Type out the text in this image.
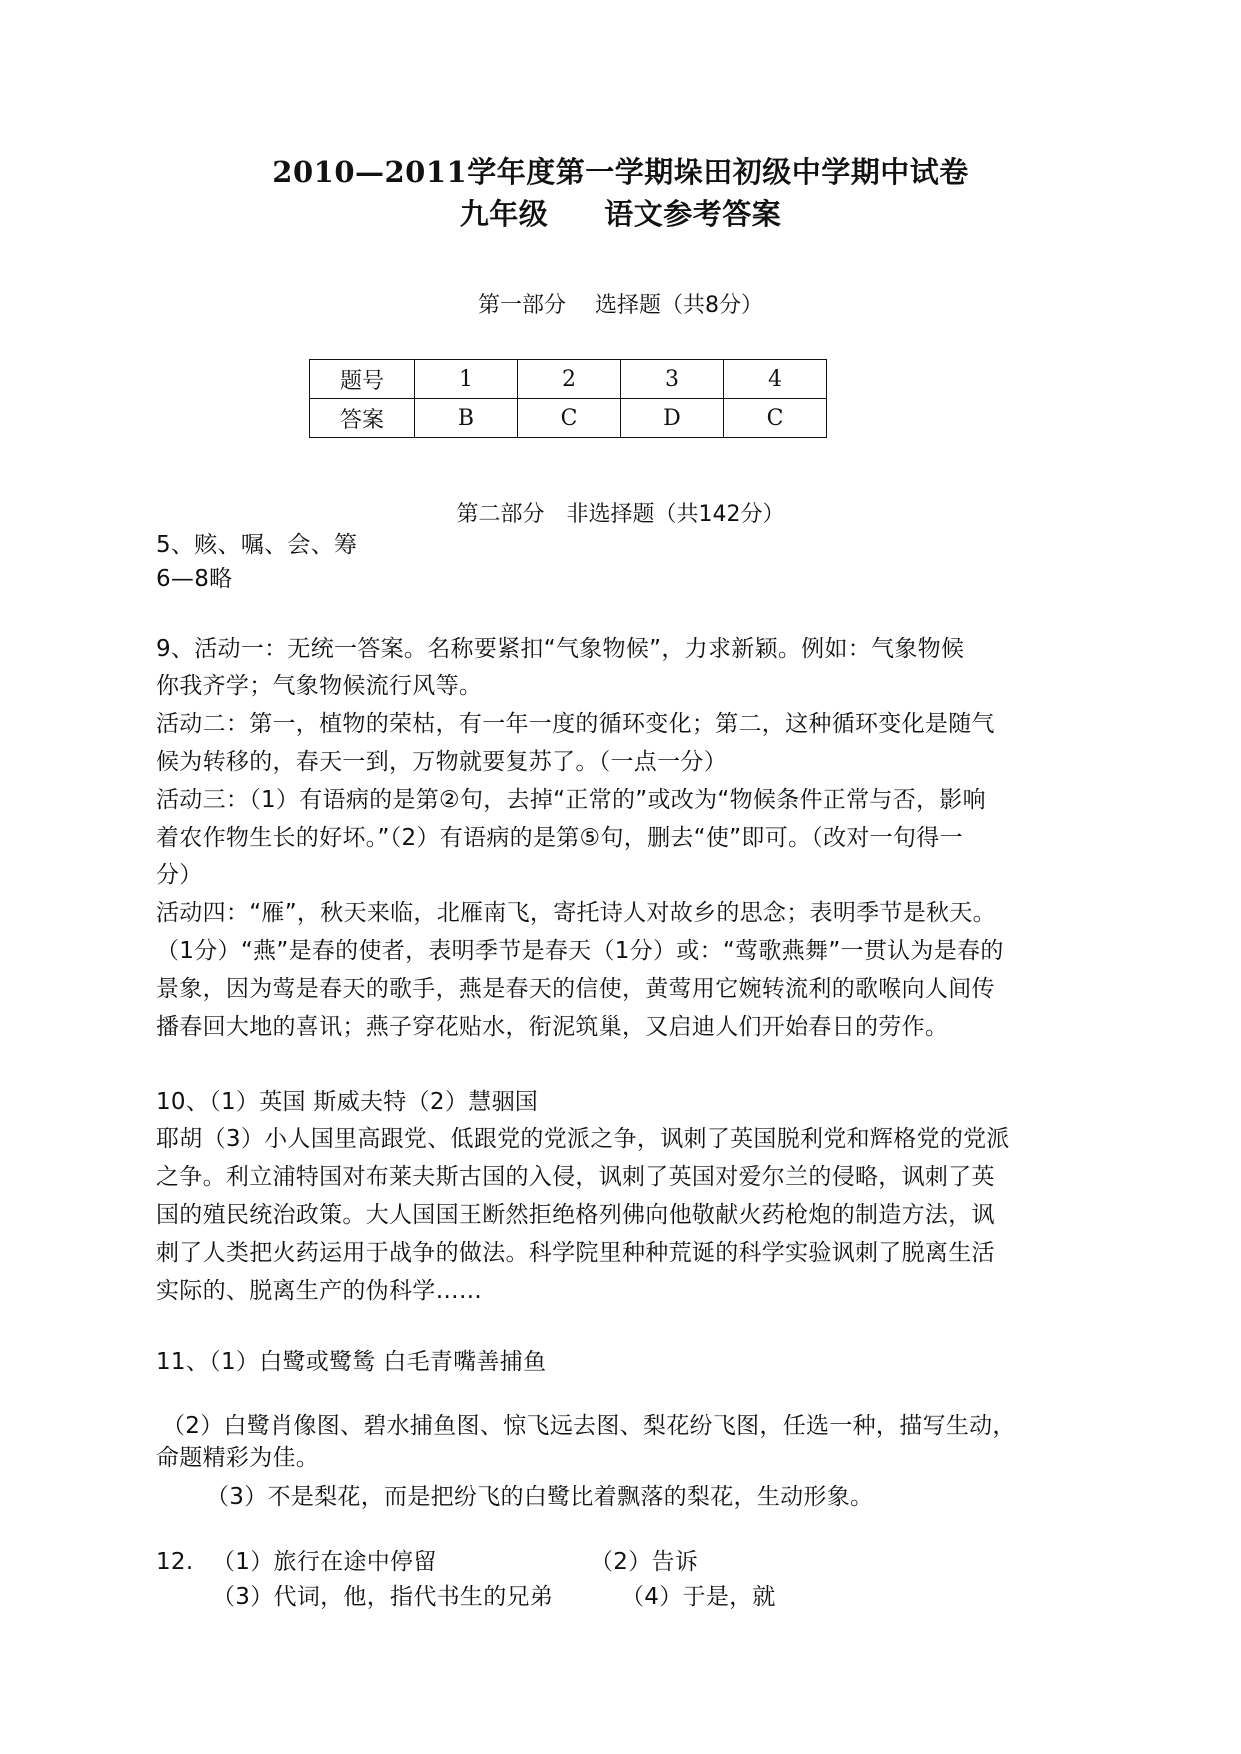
2010—2011学年度第一学期垛田初级中学期中试卷
九年级 语文参考答案
第一部分　 选择题（共8分）
题号	1	2	3	4
答案	B	C	D	C
第二部分　非选择题（共142分）
5、赅、嘱、会、筹
6—8略
9、活动一：无统一答案。名称要紧扣“气象物候”，力求新颖。例如：气象物候
你我齐学；气象物候流行风等。
活动二：第一，植物的荣枯，有一年一度的循环变化；第二，这种循环变化是随气
候为转移的，春天一到，万物就要复苏了。（一点一分）
活动三：（1）有语病的是第②句，去掉“正常的”或改为“物候条件正常与否，影响
着农作物生长的好坏。”（2）有语病的是第⑤句，删去“使”即可。（改对一句得一
分）
活动四：“雁”，秋天来临，北雁南飞，寄托诗人对故乡的思念；表明季节是秋天。
（1分）“燕”是春的使者，表明季节是春天（1分）或：“莺歌燕舞”一贯认为是春的
景象，因为莺是春天的歌手，燕是春天的信使，黄莺用它婉转流利的歌喉向人间传
播春回大地的喜讯；燕子穿花贴水，衔泥筑巢，又启迪人们开始春日的劳作。
10、（1）英国 斯威夫特（2）慧骃国
耶胡（3）小人国里高跟党、低跟党的党派之争，讽刺了英国脱利党和辉格党的党派
之争。利立浦特国对布莱夫斯古国的入侵，讽刺了英国对爱尔兰的侵略，讽刺了英
国的殖民统治政策。大人国国王断然拒绝格列佛向他敬献火药枪炮的制造方法，讽
刺了人类把火药运用于战争的做法。科学院里种种荒诞的科学实验讽刺了脱离生活
实际的、脱离生产的伪科学……
11、（1）白鹭或鹭鸶 白毛青嘴善捕鱼
（2）白鹭肖像图、碧水捕鱼图、惊飞远去图、梨花纷飞图，任选一种，描写生动，
命题精彩为佳。
（3）不是梨花，而是把纷飞的白鹭比着飘落的梨花，生动形象。
12. （1）旅行在途中停留	（2）告诉
（3）代词，他，指代书生的兄弟	（4）于是，就
